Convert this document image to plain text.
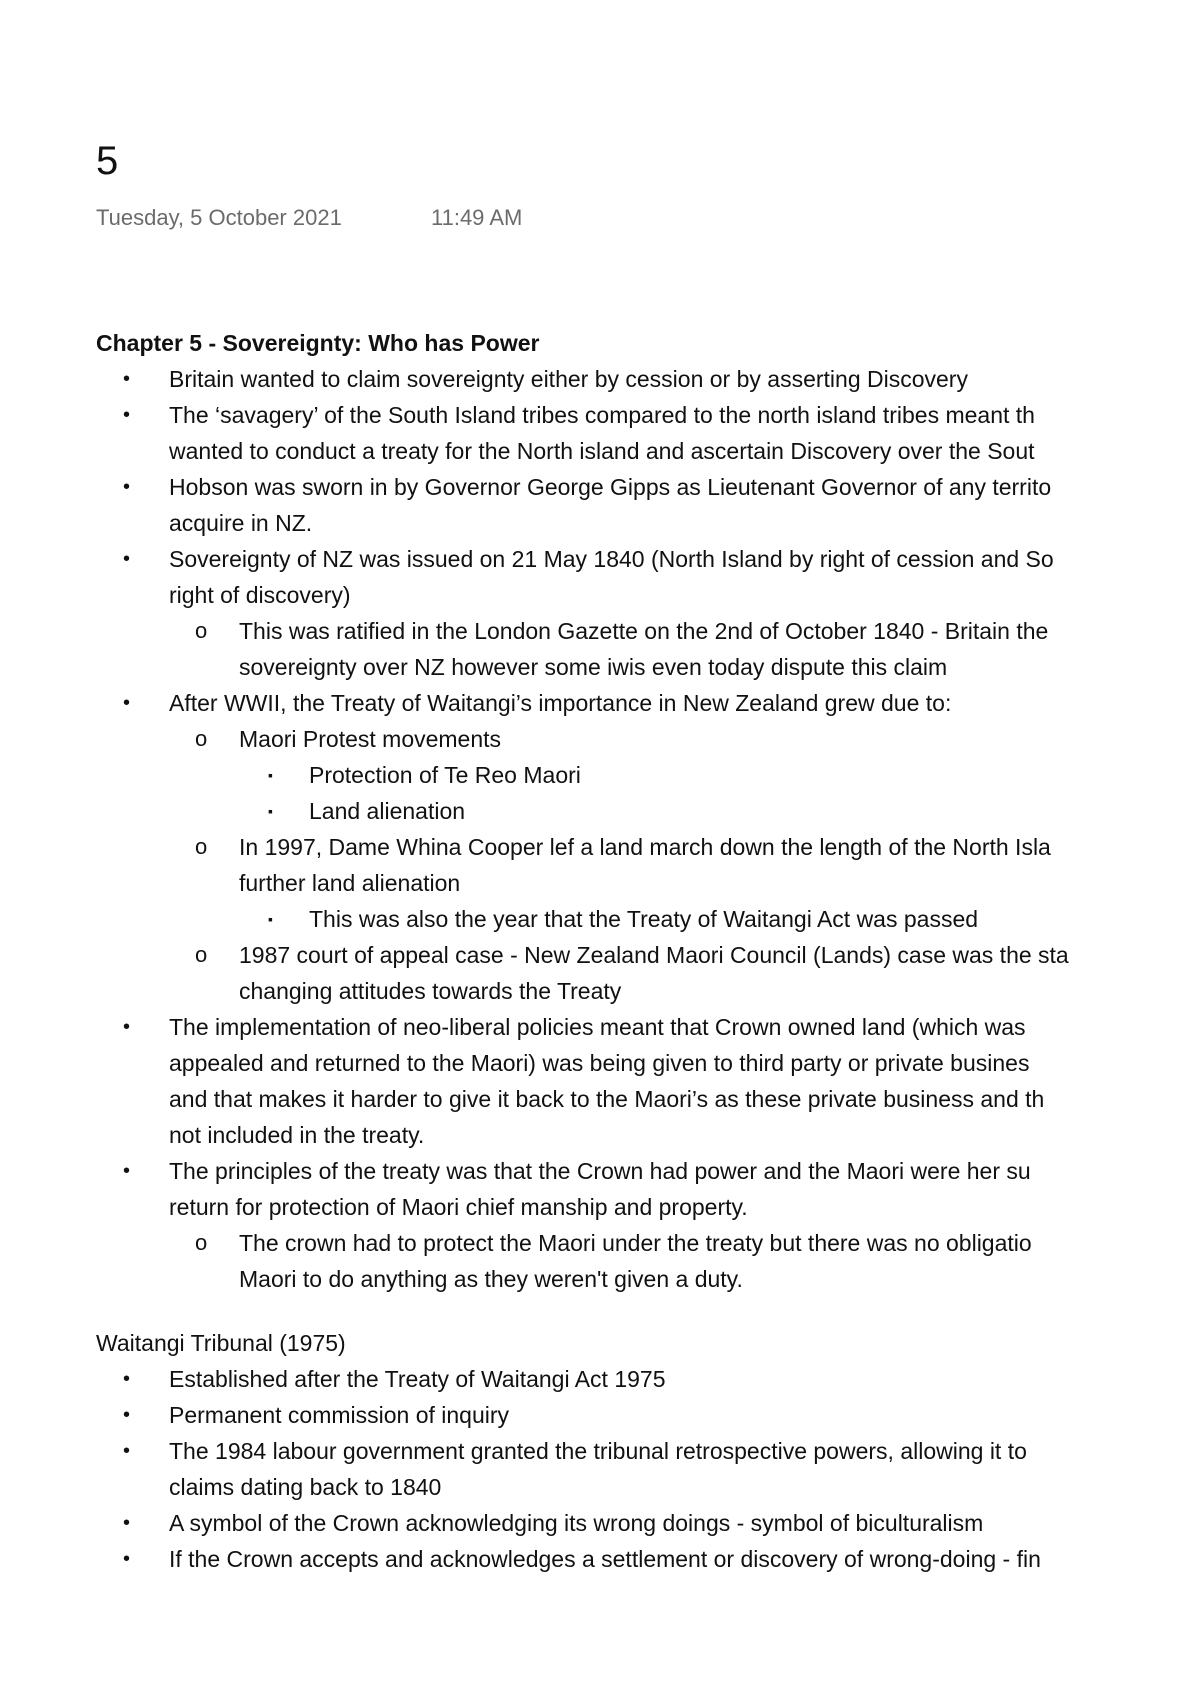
5
Tuesday, 5 October 2021	11:49 AM
Chapter 5 - Sovereignty: Who has Power
• Britain wanted to claim sovereignty either by cession or by asserting Discovery
• The ‘savagery’ of the South Island tribes compared to the north island tribes meant th
wanted to conduct a treaty for the North island and ascertain Discovery over the Sout
• Hobson was sworn in by Governor George Gipps as Lieutenant Governor of any territo
acquire in NZ.
• Sovereignty of NZ was issued on 21 May 1840 (North Island by right of cession and So
right of discovery)
o This was ratified in the London Gazette on the 2nd of October 1840 - Britain the
sovereignty over NZ however some iwis even today dispute this claim
• After WWII, the Treaty of Waitangi’s importance in New Zealand grew due to:
o Maori Protest movements
▪ Protection of Te Reo Maori
▪ Land alienation
o In 1997, Dame Whina Cooper lef a land march down the length of the North Isla
further land alienation
▪ This was also the year that the Treaty of Waitangi Act was passed
o 1987 court of appeal case - New Zealand Maori Council (Lands) case was the sta
changing attitudes towards the Treaty
• The implementation of neo-liberal policies meant that Crown owned land (which was
appealed and returned to the Maori) was being given to third party or private busines
and that makes it harder to give it back to the Maori’s as these private business and th
not included in the treaty.
• The principles of the treaty was that the Crown had power and the Maori were her su
return for protection of Maori chief manship and property.
o The crown had to protect the Maori under the treaty but there was no obligatio
Maori to do anything as they weren't given a duty.
Waitangi Tribunal (1975)
• Established after the Treaty of Waitangi Act 1975
• Permanent commission of inquiry
• The 1984 labour government granted the tribunal retrospective powers, allowing it to
claims dating back to 1840
• A symbol of the Crown acknowledging its wrong doings - symbol of biculturalism
• If the Crown accepts and acknowledges a settlement or discovery of wrong-doing - fin
